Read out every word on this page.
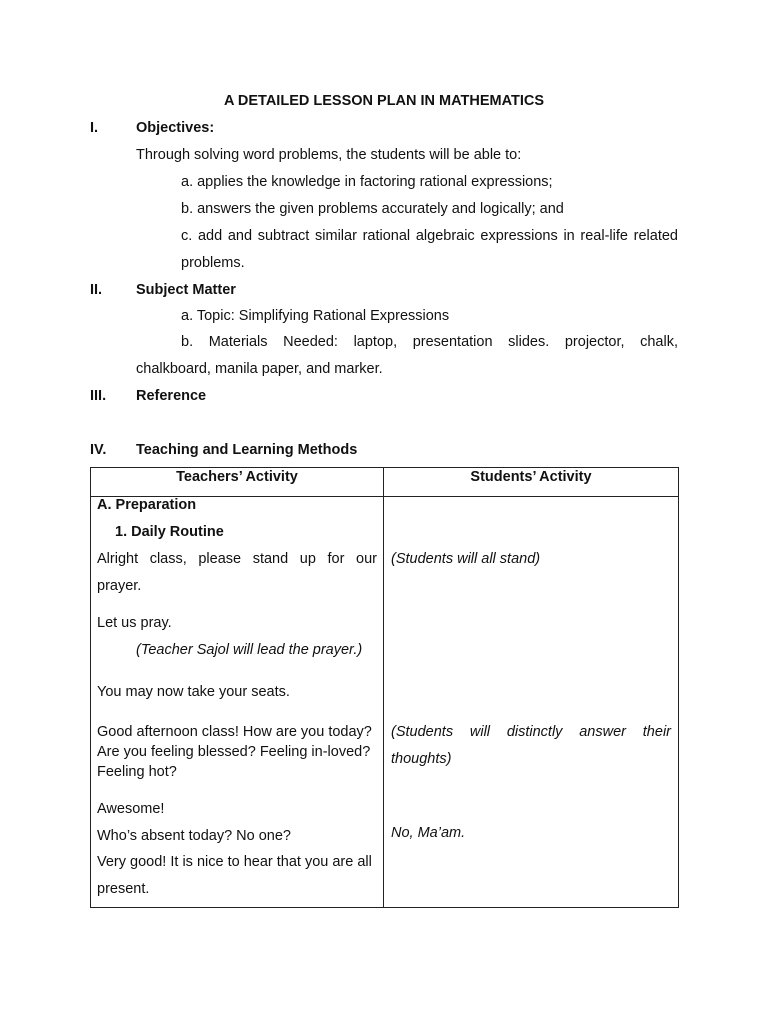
A DETAILED LESSON PLAN IN MATHEMATICS
I.	Objectives:
Through solving word problems, the students will be able to:
a. applies the knowledge in factoring rational expressions;
b. answers the given problems accurately and logically; and
c. add and subtract similar rational algebraic expressions in real-life related
problems.
II. Subject Matter
a. Topic: Simplifying Rational Expressions
b. Materials Needed: laptop, presentation slides. projector, chalk,
chalkboard, manila paper, and marker.
III. Reference
IV. Teaching and Learning Methods
Teachers’ Activity	Students’ Activity
A. Preparation
1. Daily Routine
Alright class, please stand up for our
prayer.
Let us pray.
(Teacher Sajol will lead the prayer.)
You may now take your seats.
Good afternoon class! How are you today?
Are you feeling blessed? Feeling in-loved?
Feeling hot?
Awesome!
Who’s absent today? No one?
Very good! It is nice to hear that you are all
present.
(Students will all stand)
(Students will distinctly answer their
thoughts)
No, Ma’am.
